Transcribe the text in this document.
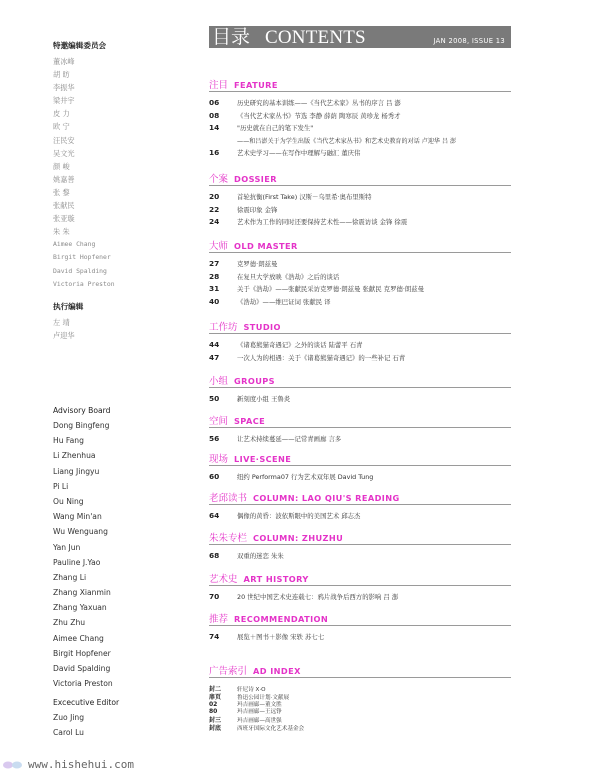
特邀编辑委员会
董冰峰
胡 昉
李振华
梁井宇
皮 力
欧 宁
汪民安
吴文光
颜 峻
姚嘉善
张 黎
张献民
张亚璇
朱 朱
Aimee Chang
Birgit Hopfener
David Spalding
Victoria Preston
执行编辑
左 靖
卢迎华
Advisory Board
Dong Bingfeng
Hu Fang
Li Zhenhua
Liang Jingyu
Pi Li
Ou Ning
Wang Min'an
Wu Wenguang
Yan Jun
Pauline J.Yao
Zhang Li
Zhang Xianmin
Zhang Yaxuan
Zhu Zhu
Aimee Chang
Birgit Hopfener
David Spalding
Victoria Preston
Excecutive Editor
Zuo Jing
Carol Lu
目录 CONTENTS	JAN 2008, ISSUE 13
注目 FEATURE
06	历史研究的基本训练——《当代艺术家》丛书的序言 吕 澎
08	《当代艺术家丛书》节选 李静 薛荫 陶寒辰 黄珍龙 杨秀才
14	"历史就在自己的笔下发生"
——和吕澎关于为学生出版《当代艺术家丛书》和艺术史教育的对话 卢迎华 吕 澎
16	艺术史学习——在写作中理解与融汇 董庆伟
个案 DOSSIER
20	首轮抗衡(First Take) 汉斯－乌里希·奥布里斯特
22	徐震印象 金锋
24	艺术作为工作的同时还要保持艺术性——徐震访谈 金锋 徐震
大师 OLD MASTER
27	克罗德·朗兹曼
28	在复旦大学放映《浩劫》之后的谈话
31	关于《浩劫》——张献民采访克罗德·朗兹曼 张献民 克罗德·朗兹曼
40	《浩劫》——维巴证词 张献民 译
工作坊 STUDIO
44	《诸葛熊猫奇遇记》之外的谈话 陆蕾平 石青
47	一次人为的相遇：关于《诸葛熊猫奇遇记》的一些补记 石青
小组 GROUPS
50	新刻度小组 王鲁炎
空间 SPACE
56	让艺术持续蔓延——记常青画廊 言多
现场 LIVE·SCENE
60	纽约 Performa07 行为艺术双年展 David Tung
老邱读书 COLUMN: LAO QIU'S READING
64	偶像的黄昏：波依斯眼中的美国艺术 邱志杰
朱朱专栏 COLUMN: ZHUZHU
68	双重的迷恋 朱朱
艺术史 ART HISTORY
70	20 世纪中国艺术史连载七：鸦片战争后西方的影响 吕 澎
推荐 RECOMMENDATION
74	展览＋图书＋影像 宋轶 苏七七
广告索引 AD INDEX
封二	轩尼诗 X·O
扉页	鲁迅公园计划·文献展
02	玛吉画廊—董文胜
80	玛吉画廊—王远铮
封三	玛吉画廊—高世强
封底	西班牙国际文化艺术基金会
www.hishehui.com
